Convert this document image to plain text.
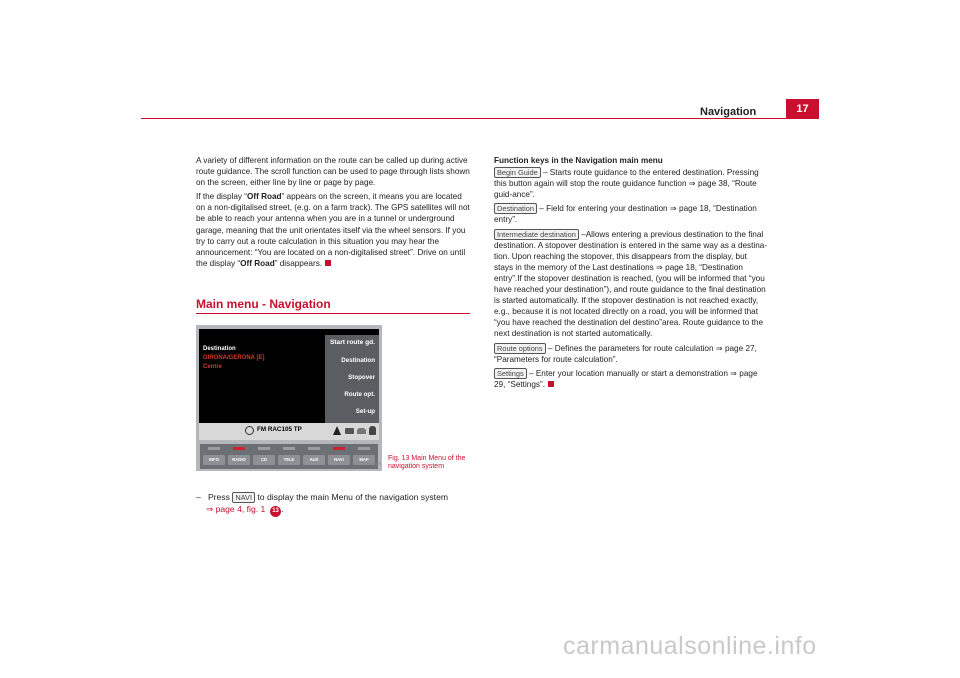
Navigation	17

A variety of different information on the route can be called up during active route guidance. The scroll function can be used to page through lists shown on the screen, either line by line or page by page.

If the display “Off Road” appears on the screen, it means you are located on a non-digitalised street, (e.g. on a farm track). The GPS satellites will not be able to reach your antenna when you are in a tunnel or underground garage, meaning that the unit orientates itself via the wheel sensors. If you try to carry out a route calculation in this situation you may hear the announcement: “You are located on a non-digitalised street”. Drive on until the display “Off Road” disappears.

Main menu - Navigation
Destination
GIRONA/GERONA [E]
Centre
Start route gd.
Destination
Stopover
Route opt.
Set-up
FM RAC105 TP
INFO	RADIO	CD	TELE	AUX	NAVI	MAP
BRS-0013.20
Fig. 13 Main Menu of the navigation system
– Press NAVI to display the main Menu of the navigation system
⇒ page 4, fig. 1 13 .

Function keys in the Navigation main menu

Begin Guide – Starts route guidance to the entered destination. Pressing this button again will stop the route guidance function ⇒ page 38, “Route guid-ance”.

Destination – Field for entering your destination ⇒ page 18, “Destination entry”.

Intermediate destination –Allows entering a previous destination to the final destination. A stopover destination is entered in the same way as a destina-tion. Upon reaching the stopover, this disappears from the display, but stays in the memory of the Last destinations ⇒ page 18, “Destination entry”.If the stopover destination is reached, (you will be informed that “you have reached your destination”), and route guidance to the final destination is started automatically. If the stopover destination is not reached exactly, e.g., because it is not located directly on a road, you will be informed that “you have reached the destination del destino”area. Route guidance to the next destination is not started automatically.

Route options – Defines the parameters for route calculation ⇒ page 27, “Parameters for route calculation”.

Settings – Enter your location manually or start a demonstration ⇒ page 29, “Settings”.

carmanualsonline.info
